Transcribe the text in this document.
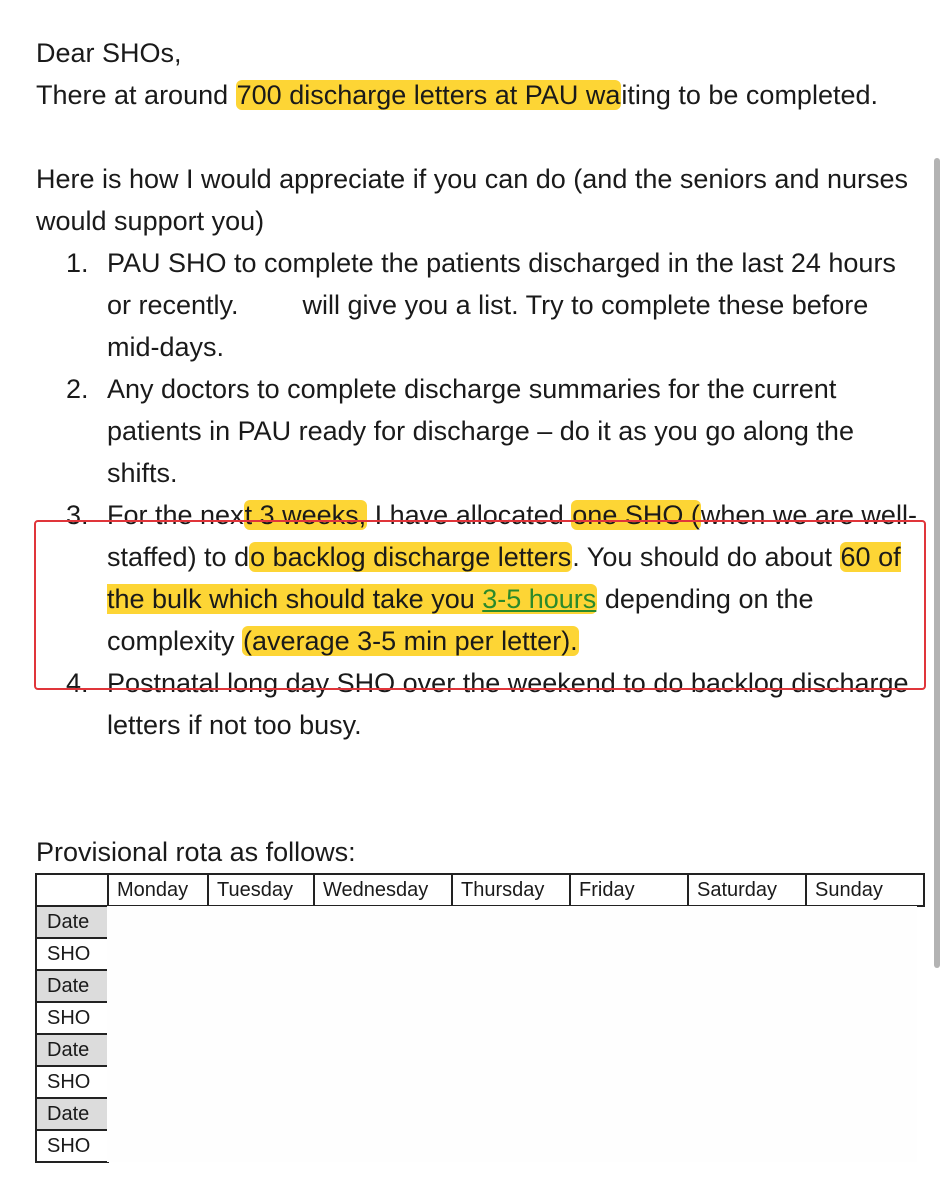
Dear SHOs,

There at around 700 discharge letters at PAU waiting to be completed.

Here is how I would appreciate if you can do (and the seniors and nurses would support you)

1. PAU SHO to complete the patients discharged in the last 24 hours or recently. will give you a list. Try to complete these before mid-days.
2. Any doctors to complete discharge summaries for the current patients in PAU ready for discharge – do it as you go along the shifts.
3. For the next 3 weeks, I have allocated one SHO (when we are well-staffed) to do backlog discharge letters. You should do about 60 of the bulk which should take you 3-5 hours depending on the complexity (average 3-5 min per letter).
4. Postnatal long day SHO over the weekend to do backlog discharge letters if not too busy.
Provisional rota as follows:
	Monday	Tuesday	Wednesday	Thursday	Friday	Saturday	Sunday
Date							
SHO							
Date							
SHO							
Date							
SHO							
Date							
SHO							
